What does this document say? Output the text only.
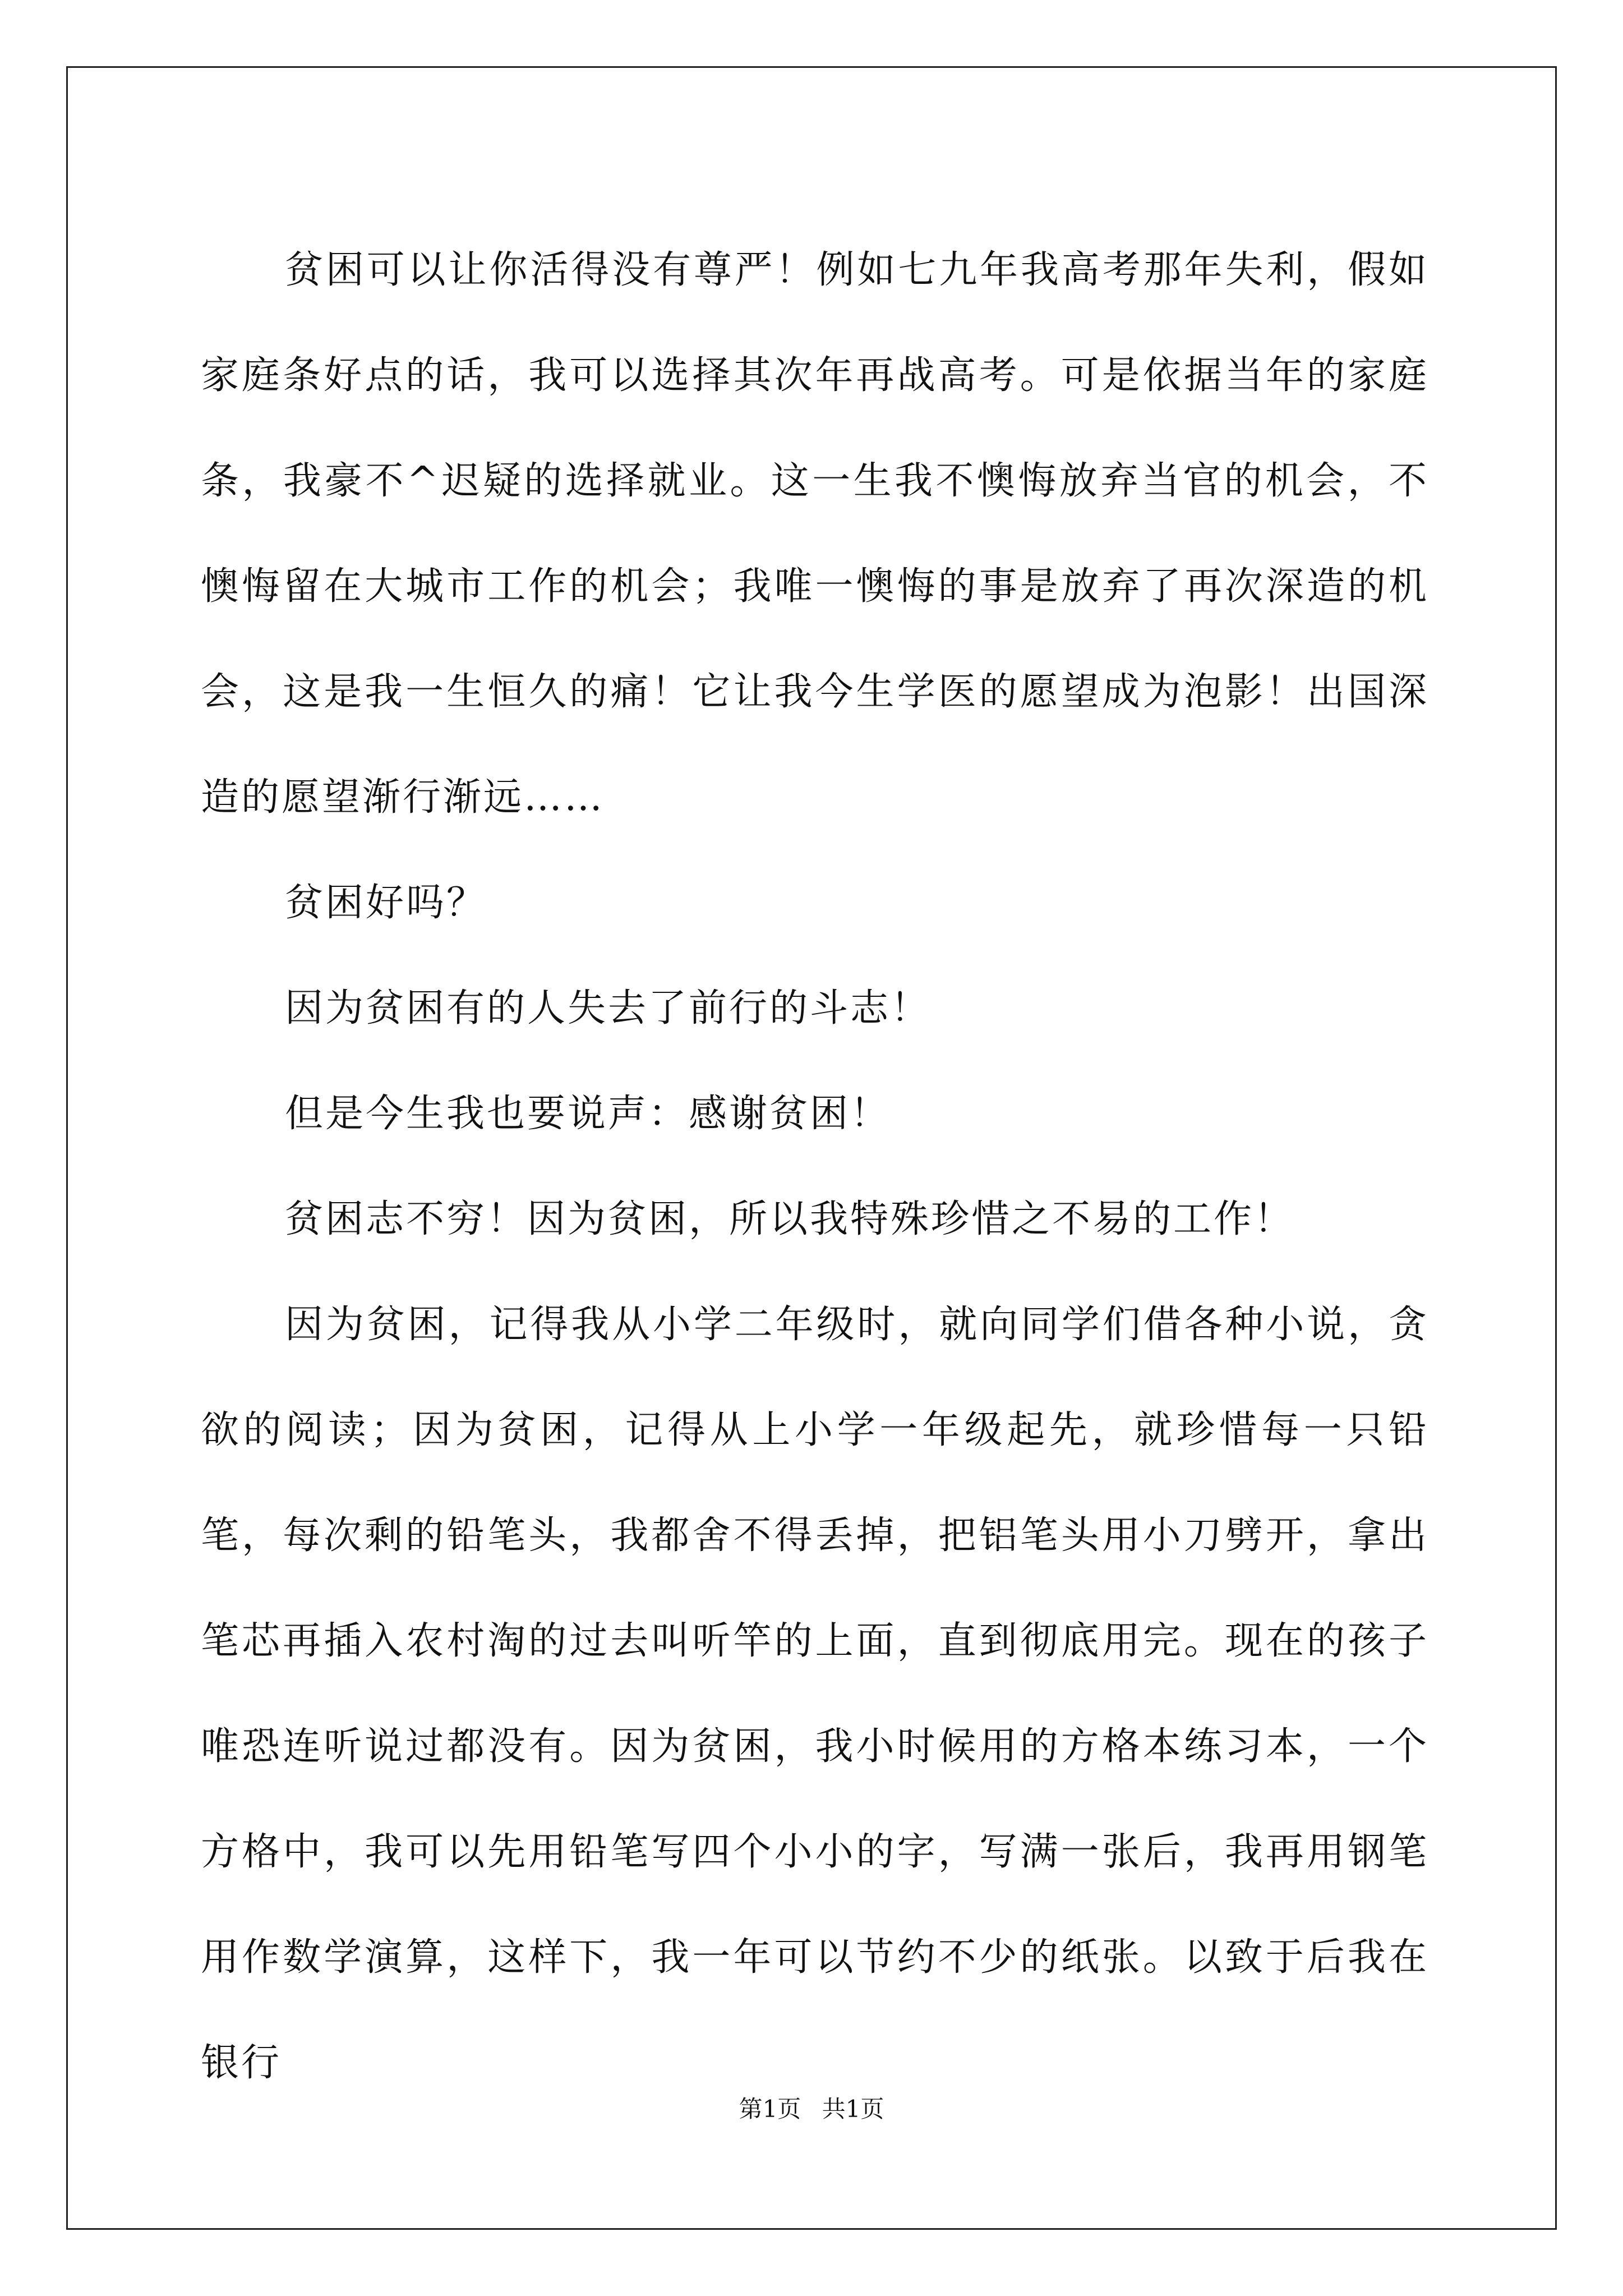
贫困可以让你活得没有尊严！例如七九年我高考那年失利，假如家庭条好点的话，我可以选择其次年再战高考。可是依据当年的家庭条，我豪不^迟疑的选择就业。这一生我不懊悔放弃当官的机会，不懊悔留在大城市工作的机会；我唯一懊悔的事是放弃了再次深造的机会，这是我一生恒久的痛！它让我今生学医的愿望成为泡影！出国深造的愿望渐行渐远……

贫困好吗？

因为贫困有的人失去了前行的斗志！

但是今生我也要说声：感谢贫困！

贫困志不穷！因为贫困，所以我特殊珍惜之不易的工作！

因为贫困，记得我从小学二年级时，就向同学们借各种小说，贪欲的阅读；因为贫困，记得从上小学一年级起先，就珍惜每一只铅笔，每次剩的铅笔头，我都舍不得丢掉，把铝笔头用小刀劈开，拿出笔芯再插入农村淘的过去叫听竿的上面，直到彻底用完。现在的孩子唯恐连听说过都没有。因为贫困，我小时候用的方格本练习本，一个方格中，我可以先用铅笔写四个小小的字，写满一张后，我再用钢笔用作数学演算，这样下，我一年可以节约不少的纸张。以致于后我在银行

第1页 共1页
